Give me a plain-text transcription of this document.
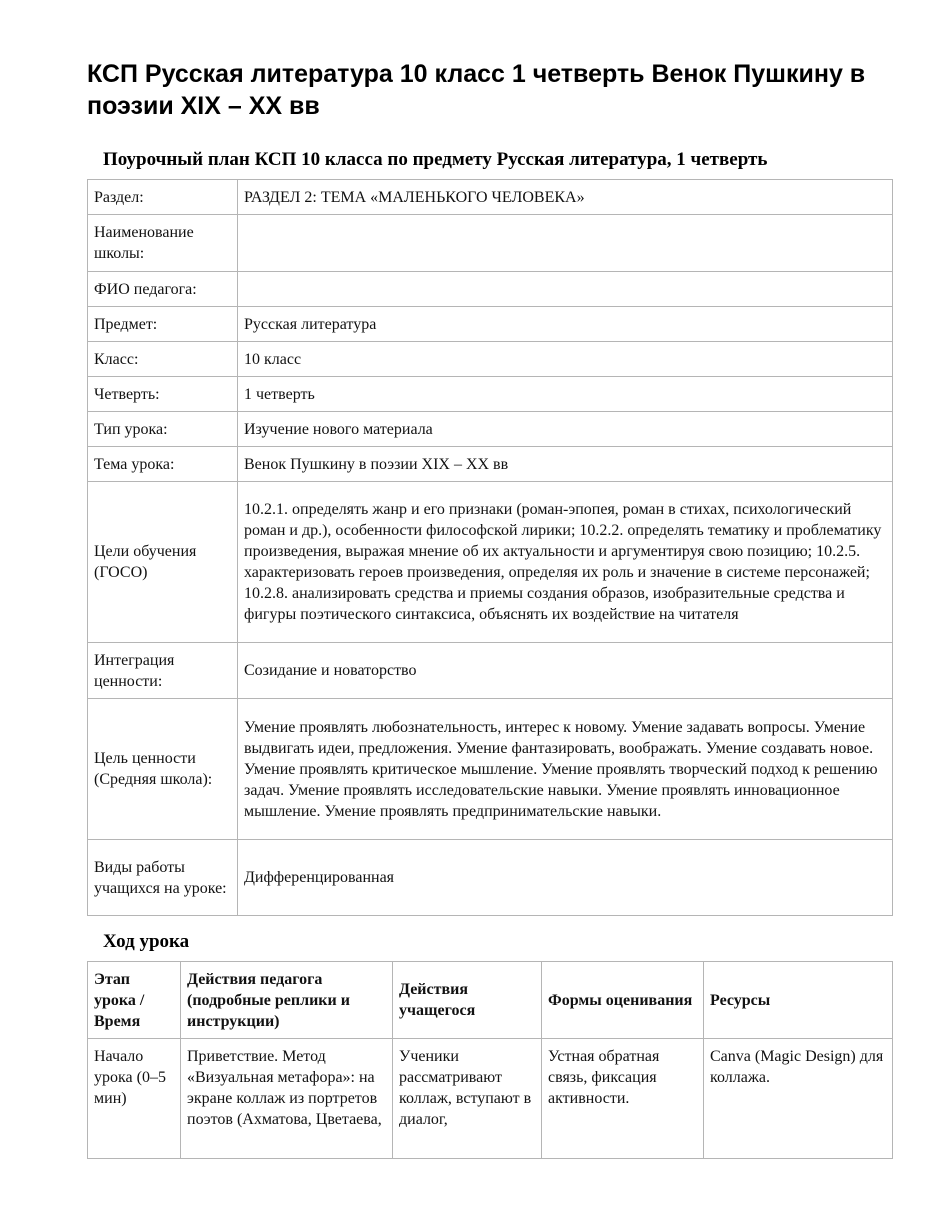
КСП Русская литература 10 класс 1 четверть Венок Пушкину в поэзии XIX – XX вв
Поурочный план КСП 10 класса по предмету Русская литература, 1 четверть
Раздел:	РАЗДЕЛ 2: ТЕМА «МАЛЕНЬКОГО ЧЕЛОВЕКА»
Наименование школы:	
ФИО педагога:	
Предмет:	Русская литература
Класс:	10 класс
Четверть:	1 четверть
Тип урока:	Изучение нового материала
Тема урока:	Венок Пушкину в поэзии XIX – XX вв
Цели обучения (ГОСО)	10.2.1. определять жанр и его признаки (роман-эпопея, роман в стихах, психологический роман и др.), особенности философской лирики; 10.2.2. определять тематику и проблематику произведения, выражая мнение об их актуальности и аргументируя свою позицию; 10.2.5. характеризовать героев произведения, определяя их роль и значение в системе персонажей; 10.2.8. анализировать средства и приемы создания образов, изобразительные средства и фигуры поэтического синтаксиса, объяснять их воздействие на читателя
Интеграция ценности:	Созидание и новаторство
Цель ценности (Средняя школа):	Умение проявлять любознательность, интерес к новому. Умение задавать вопросы. Умение выдвигать идеи, предложения. Умение фантазировать, воображать. Умение создавать новое. Умение проявлять критическое мышление. Умение проявлять творческий подход к решению задач. Умение проявлять исследовательские навыки. Умение проявлять инновационное мышление. Умение проявлять предпринимательские навыки.
Виды работы учащихся на уроке:	Дифференцированная
Ход урока
Этап урока / Время	Действия педагога (подробные реплики и инструкции)	Действия учащегося	Формы оценивания	Ресурсы
Начало урока (0–5 мин)	Приветствие. Метод «Визуальная метафора»: на экране коллаж из портретов поэтов (Ахматова, Цветаева,	Ученики рассматривают коллаж, вступают в диалог,	Устная обратная связь, фиксация активности.	Canva (Magic Design) для коллажа.
